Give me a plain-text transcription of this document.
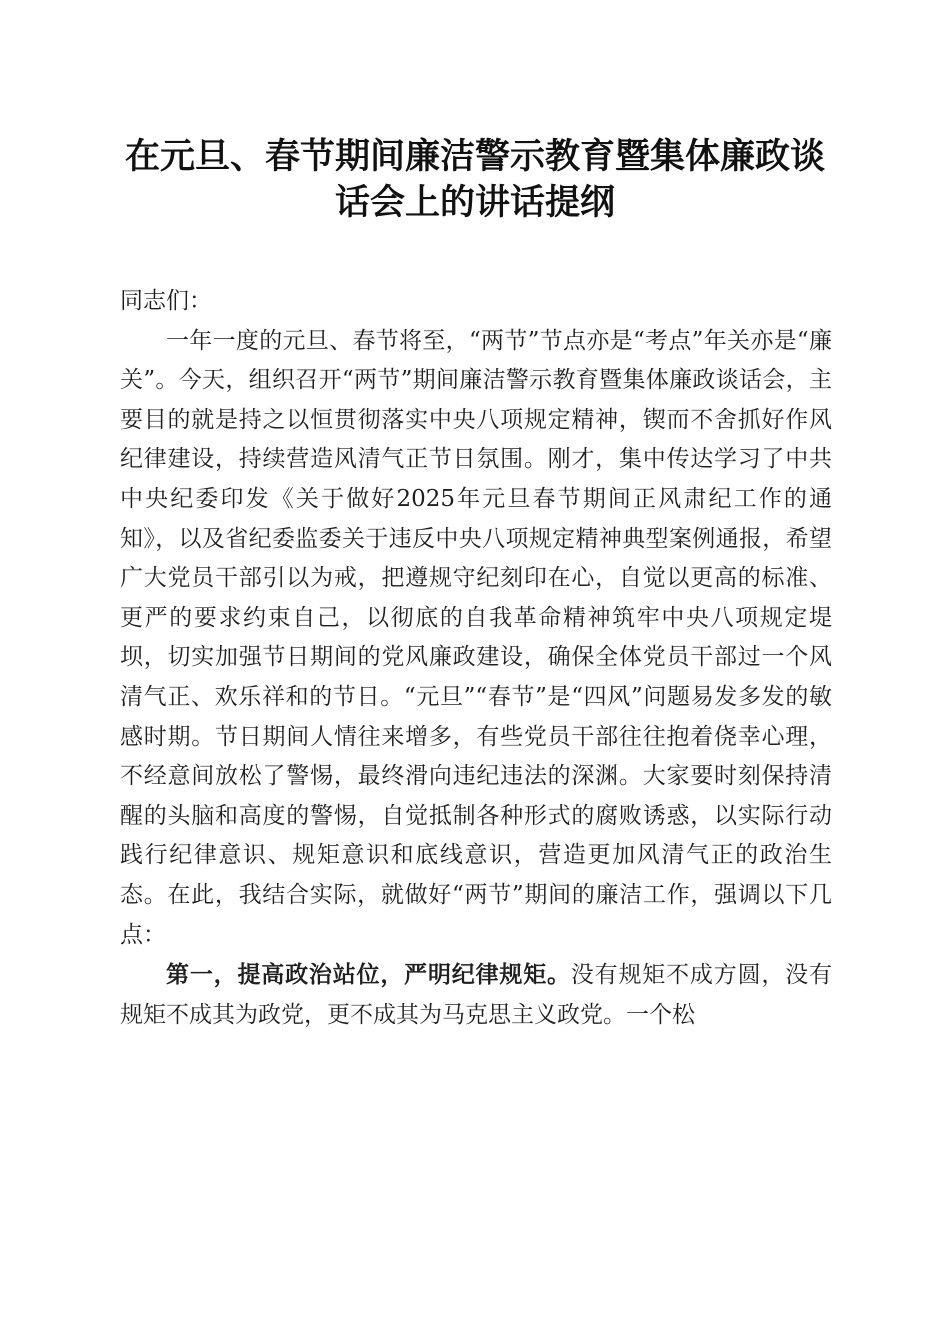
在元旦、春节期间廉洁警示教育暨集体廉政谈
话会上的讲话提纲

同志们：

一年一度的元旦、春节将至，“两节”节点亦是“考点”年关亦是“廉关”。今天，组织召开“两节”期间廉洁警示教育暨集体廉政谈话会，主要目的就是持之以恒贯彻落实中央八项规定精神，锲而不舍抓好作风纪律建设，持续营造风清气正节日氛围。刚才，集中传达学习了中共中央纪委印发《关于做好2025年元旦春节期间正风肃纪工作的通知》，以及省纪委监委关于违反中央八项规定精神典型案例通报，希望广大党员干部引以为戒，把遵规守纪刻印在心，自觉以更高的标准、更严的要求约束自己，以彻底的自我革命精神筑牢中央八项规定堤坝，切实加强节日期间的党风廉政建设，确保全体党员干部过一个风清气正、欢乐祥和的节日。“元旦”“春节”是“四风”问题易发多发的敏感时期。节日期间人情往来增多，有些党员干部往往抱着侥幸心理，不经意间放松了警惕，最终滑向违纪违法的深渊。大家要时刻保持清醒的头脑和高度的警惕，自觉抵制各种形式的腐败诱惑，以实际行动践行纪律意识、规矩意识和底线意识，营造更加风清气正的政治生态。在此，我结合实际，就做好“两节”期间的廉洁工作，强调以下几点：

第一，提高政治站位，严明纪律规矩。没有规矩不成方圆，没有规矩不成其为政党，更不成其为马克思主义政党。一个松
